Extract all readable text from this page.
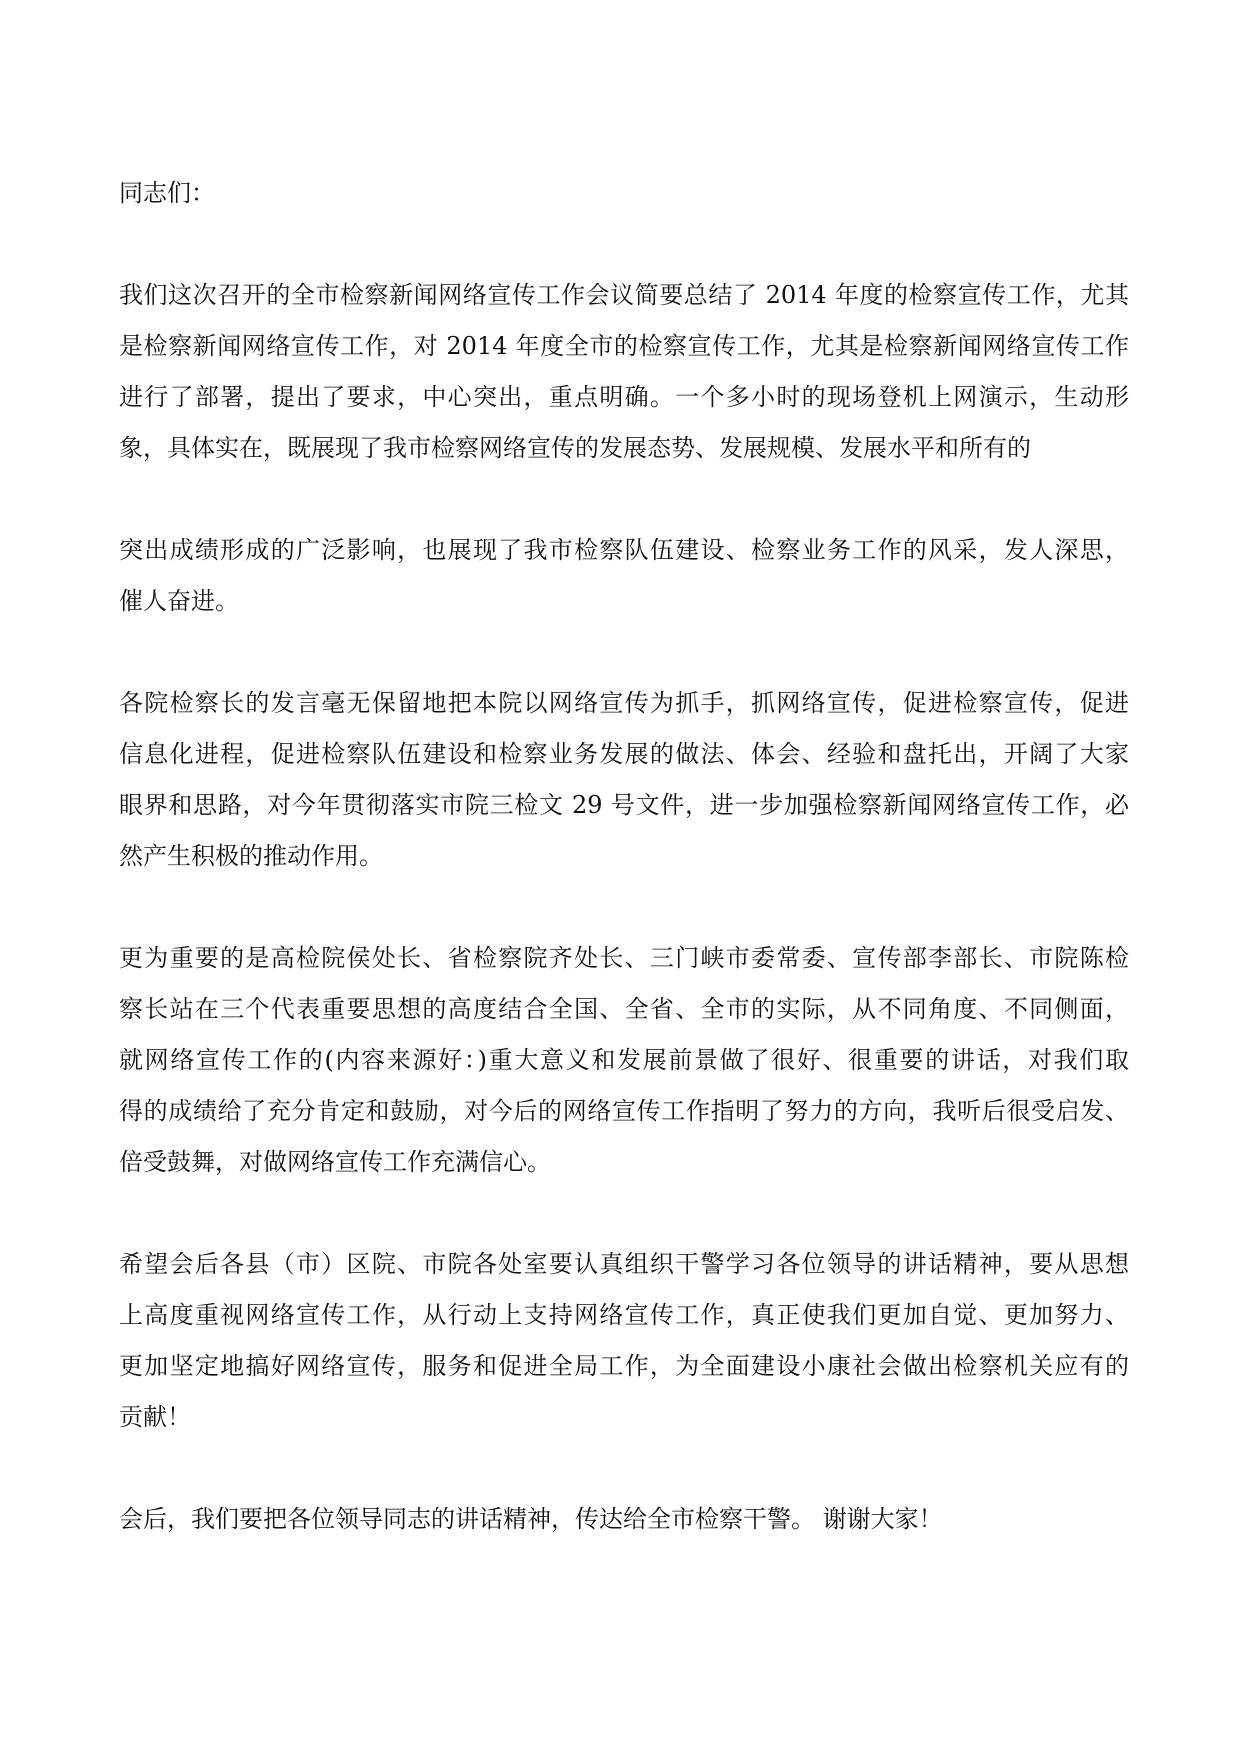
同志们：
我们这次召开的全市检察新闻网络宣传工作会议简要总结了 2014 年度的检察宣传工作，尤其
是检察新闻网络宣传工作，对 2014 年度全市的检察宣传工作，尤其是检察新闻网络宣传工作
进行了部署，提出了要求，中心突出，重点明确。一个多小时的现场登机上网演示，生动形
象，具体实在，既展现了我市检察网络宣传的发展态势、发展规模、发展水平和所有的
突出成绩形成的广泛影响，也展现了我市检察队伍建设、检察业务工作的风采，发人深思，
催人奋进。
各院检察长的发言毫无保留地把本院以网络宣传为抓手，抓网络宣传，促进检察宣传，促进
信息化进程，促进检察队伍建设和检察业务发展的做法、体会、经验和盘托出，开阔了大家
眼界和思路，对今年贯彻落实市院三检文 29 号文件，进一步加强检察新闻网络宣传工作，必
然产生积极的推动作用。
更为重要的是高检院侯处长、省检察院齐处长、三门峡市委常委、宣传部李部长、市院陈检
察长站在三个代表重要思想的高度结合全国、全省、全市的实际，从不同角度、不同侧面，
就网络宣传工作的(内容来源好：)重大意义和发展前景做了很好、很重要的讲话，对我们取
得的成绩给了充分肯定和鼓励，对今后的网络宣传工作指明了努力的方向，我听后很受启发、
倍受鼓舞，对做网络宣传工作充满信心。
希望会后各县（市）区院、市院各处室要认真组织干警学习各位领导的讲话精神，要从思想
上高度重视网络宣传工作，从行动上支持网络宣传工作，真正使我们更加自觉、更加努力、
更加坚定地搞好网络宣传，服务和促进全局工作，为全面建设小康社会做出检察机关应有的
贡献！
会后，我们要把各位领导同志的讲话精神，传达给全市检察干警。 谢谢大家！
